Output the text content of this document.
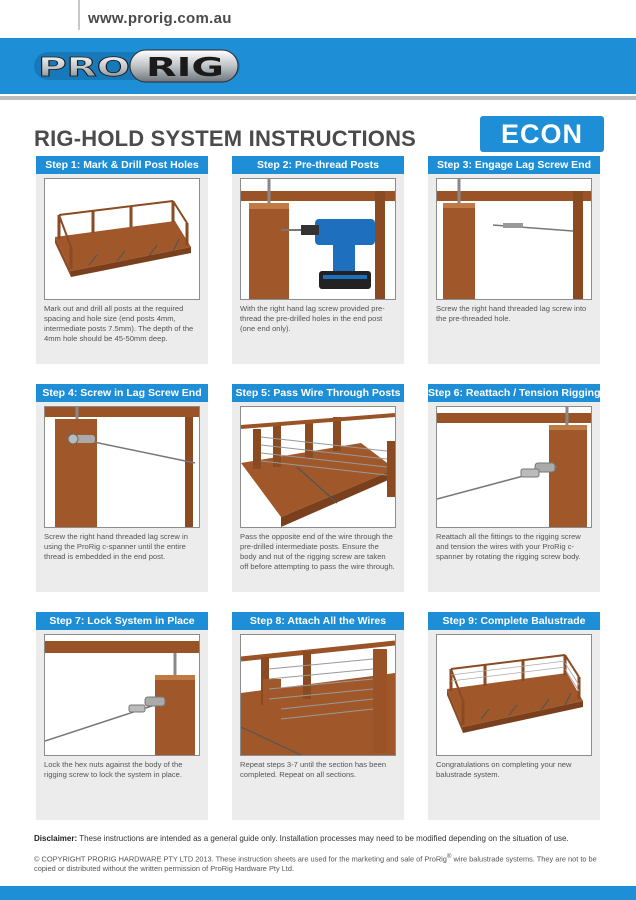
www.prorig.com.au
PRO RIG
RIG-HOLD SYSTEM INSTRUCTIONS	ECON
Step 1: Mark & Drill Post Holes
Mark out and drill all posts at the required spacing and hole size (end posts 4mm, intermediate posts 7.5mm). The depth of the 4mm hole should be 45-50mm deep.
Step 2: Pre-thread Posts
With the right hand lag screw provided pre-thread the pre-drilled holes in the end post (one end only).
Step 3: Engage Lag Screw End
Screw the right hand threaded lag screw into the pre-threaded hole.
Step 4: Screw in Lag Screw End
Screw the right hand threaded lag screw in using the ProRig c-spanner until the entire thread is embedded in the end post.
Step 5: Pass Wire Through Posts
Pass the opposite end of the wire through the pre-drilled intermediate posts. Ensure the body and nut of the rigging screw are taken off before attempting to pass the wire through.
Step 6: Reattach / Tension Rigging Screw
Reattach all the fittings to the rigging screw and tension the wires with your ProRig c-spanner by rotating the rigging screw body.
Step 7: Lock System in Place
Lock the hex nuts against the body of the rigging screw to lock the system in place.
Step 8: Attach All the Wires
Repeat steps 3-7 until the section has been completed. Repeat on all sections.
Step 9: Complete Balustrade
Congratulations on completing your new balustrade system.
Disclaimer: These instructions are intended as a general guide only. Installation processes may need to be modified depending on the situation of use.
© COPYRIGHT PRORIG HARDWARE PTY LTD 2013. These instruction sheets are used for the marketing and sale of ProRig® wire balustrade systems. They are not to be copied or distributed without the written permission of ProRig Hardware Pty Ltd.
